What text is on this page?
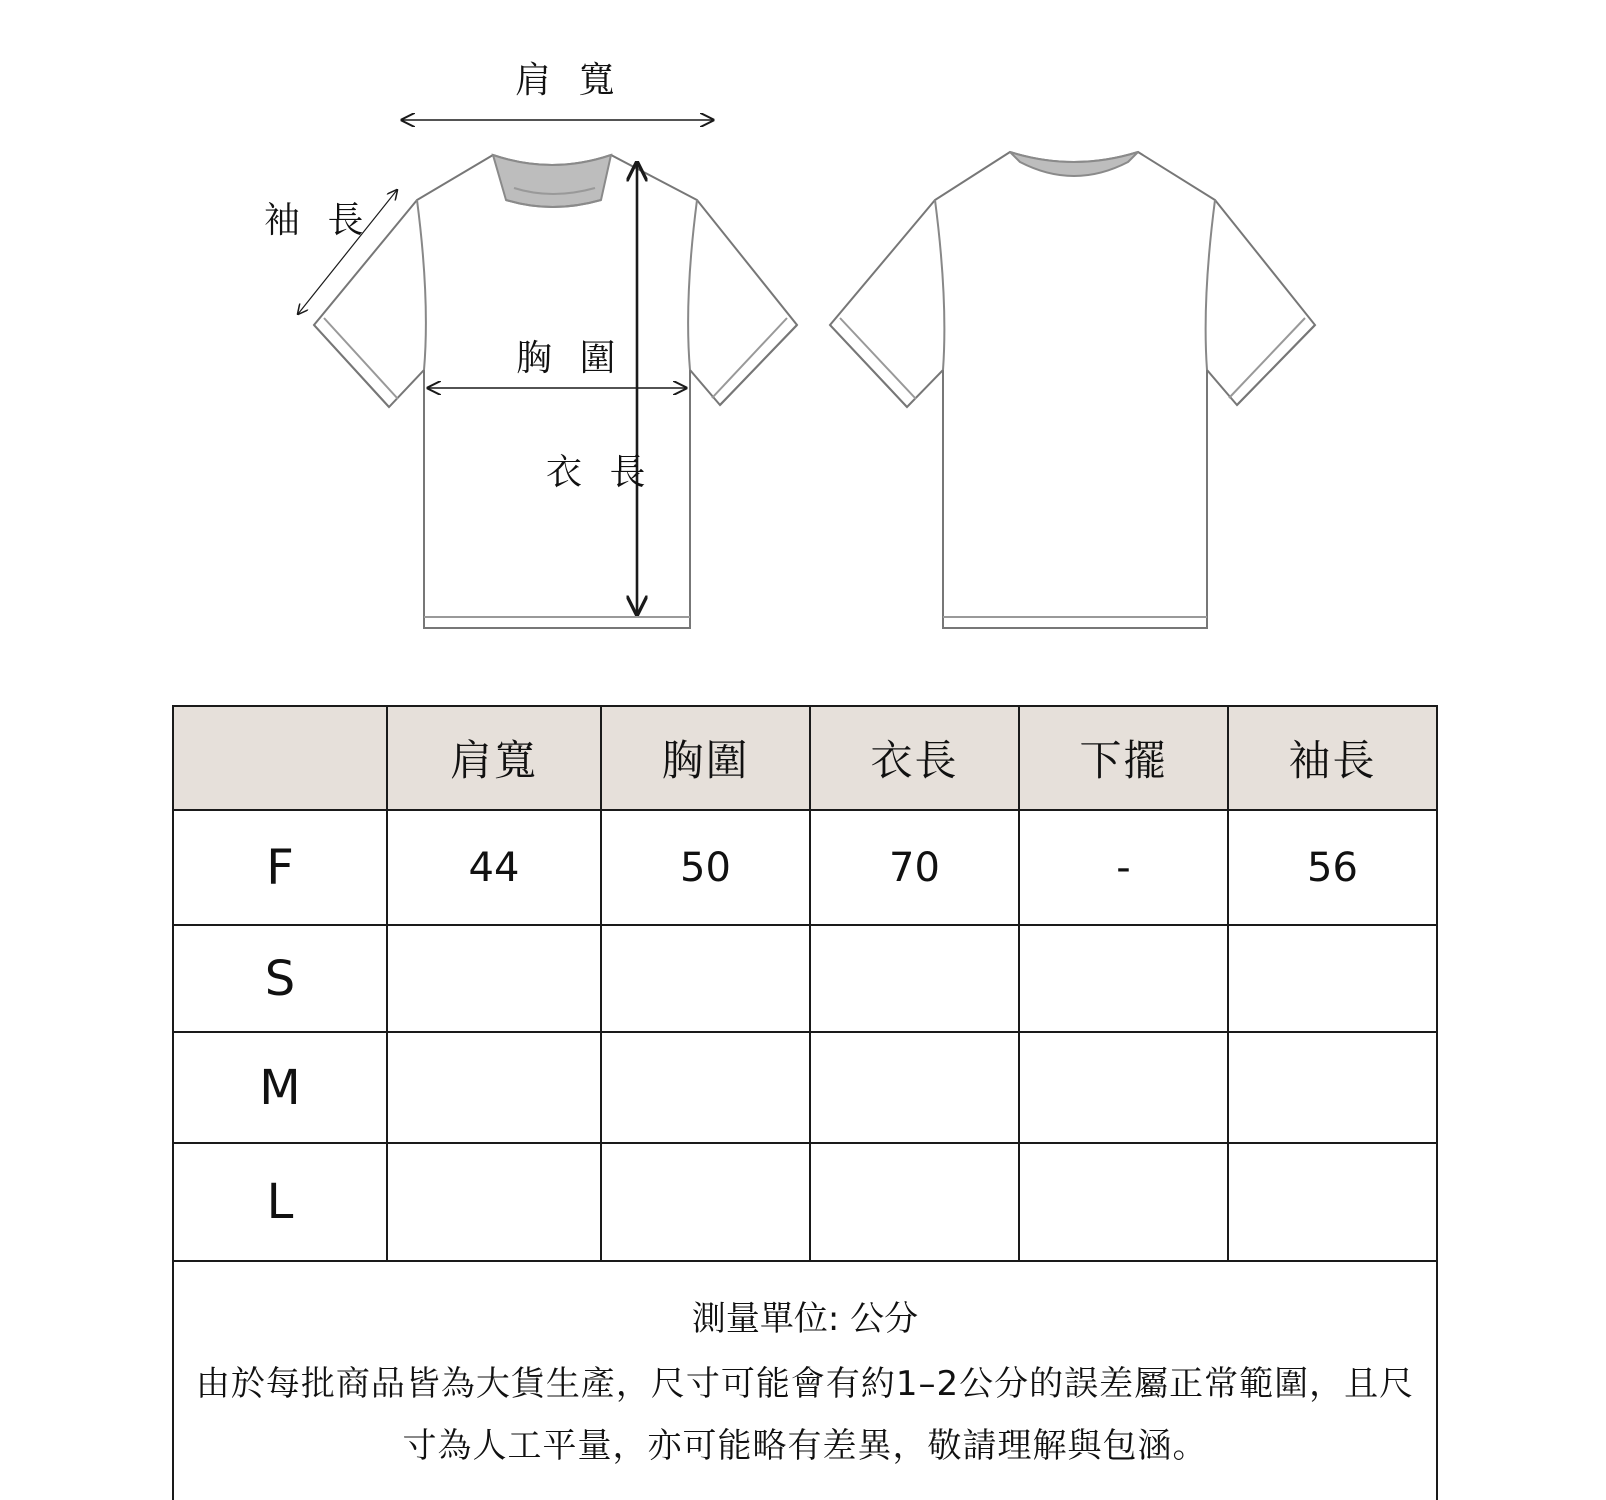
肩 寬
袖 長
胸 圍
衣 長
	肩寬	胸圍	衣長	下擺	袖長
F	44	50	70	-	56
S					
M					
L					

測量單位: 公分
由於每批商品皆為大貨生產，尺寸可能會有約1–2公分的誤差屬正常範圍，且尺寸為人工平量，亦可能略有差異，敬請理解與包涵。					
